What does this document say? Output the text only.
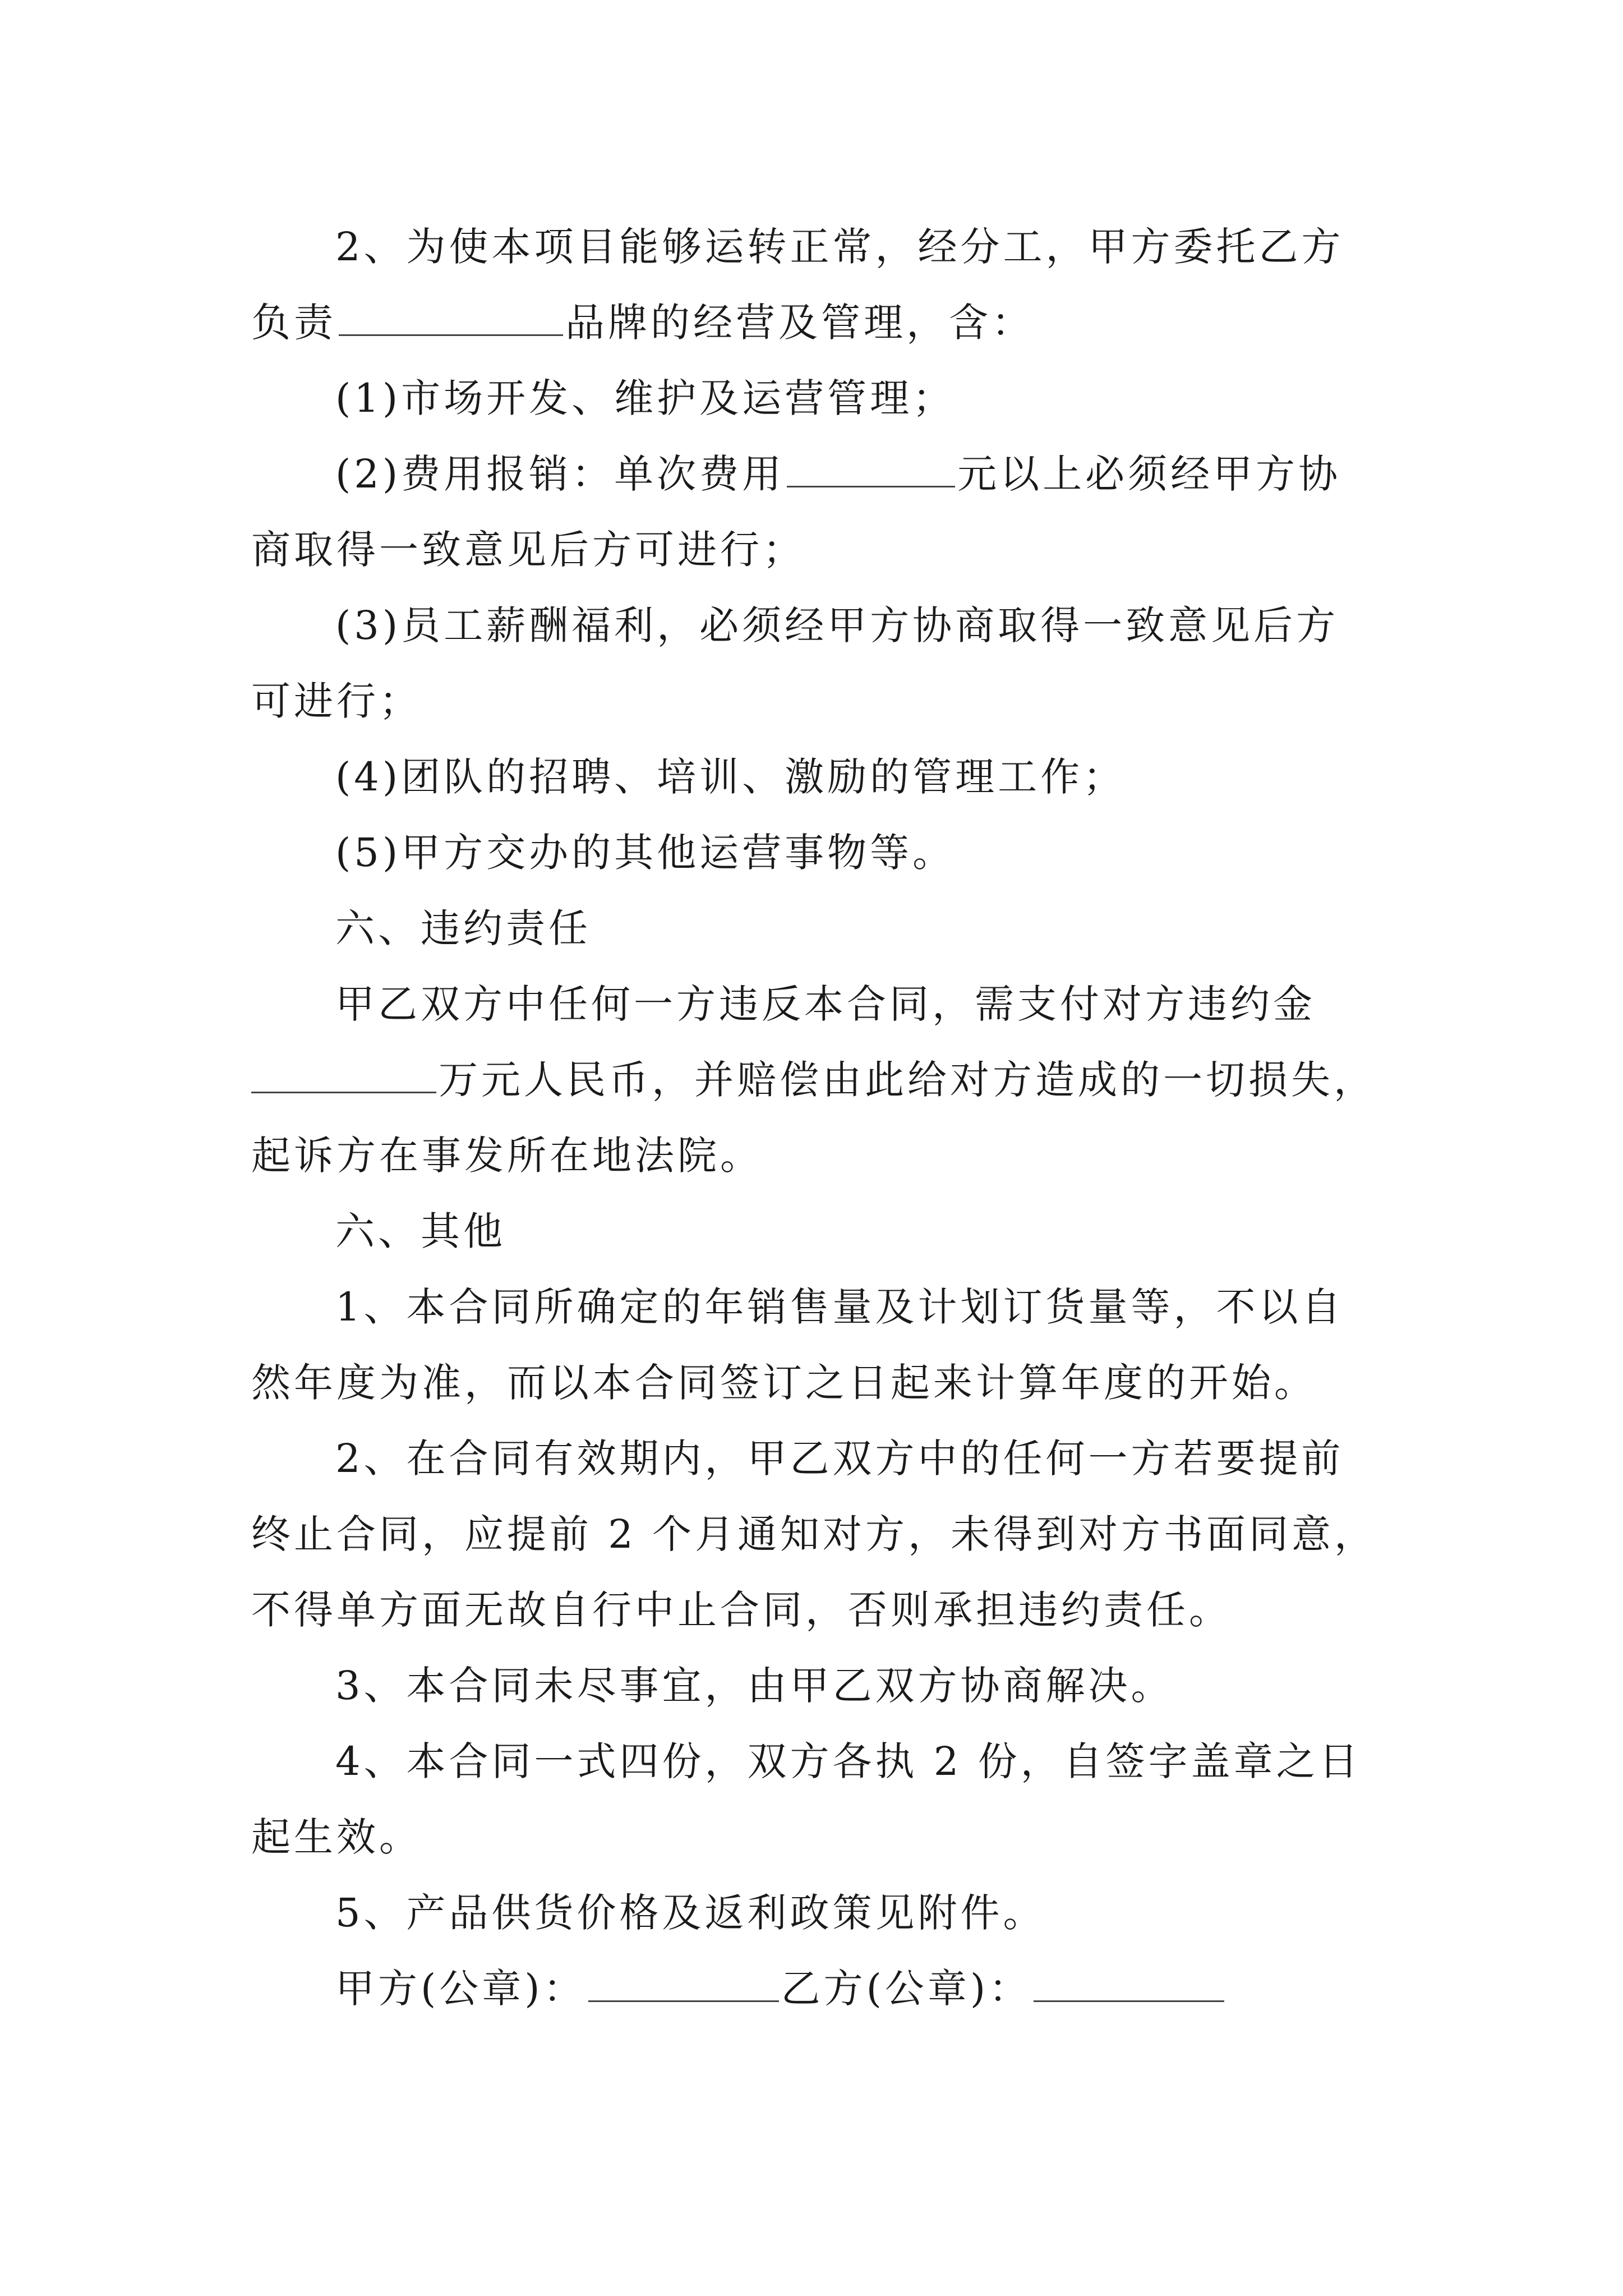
2、为使本项目能够运转正常，经分工，甲方委托乙方
负责	品牌的经营及管理，含：
(1)市场开发、维护及运营管理；
(2)费用报销：单次费用	元以上必须经甲方协
商取得一致意见后方可进行；
(3)员工薪酬福利，必须经甲方协商取得一致意见后方
可进行；
(4)团队的招聘、培训、激励的管理工作；
(5)甲方交办的其他运营事物等。
六、违约责任
甲乙双方中任何一方违反本合同，需支付对方违约金
万元人民币，并赔偿由此给对方造成的一切损失，
起诉方在事发所在地法院。
六、其他
1、本合同所确定的年销售量及计划订货量等，不以自
然年度为准，而以本合同签订之日起来计算年度的开始。
2、在合同有效期内，甲乙双方中的任何一方若要提前
终止合同，应提前 2 个月通知对方，未得到对方书面同意，
不得单方面无故自行中止合同，否则承担违约责任。
3、本合同未尽事宜，由甲乙双方协商解决。
4、本合同一式四份，双方各执 2 份，自签字盖章之日
起生效。
5、产品供货价格及返利政策见附件。
甲方(公章)：	乙方(公章)：
